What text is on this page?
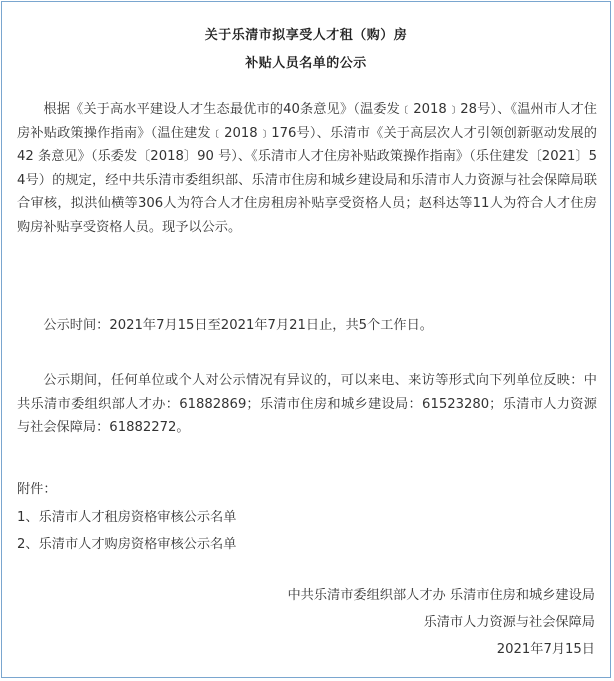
关于乐清市拟享受人才租（购）房
补贴人员名单的公示

根据《关于高水平建设人才生态最优市的40条意见》（温委发﹝2018﹞28号）、《温州市人才住房补贴政策操作指南》（温住建发﹝2018﹞176号）、乐清市《关于高层次人才引领创新驱动发展的42 条意见》（乐委发〔2018〕90 号）、《乐清市人才住房补贴政策操作指南》（乐住建发〔2021〕54号）的规定，经中共乐清市委组织部、乐清市住房和城乡建设局和乐清市人力资源与社会保障局联合审核，拟洪仙横等306人为符合人才住房租房补贴享受资格人员；赵科达等11人为符合人才住房购房补贴享受资格人员。现予以公示。

公示时间：2021年7月15日至2021年7月21日止，共5个工作日。

公示期间，任何单位或个人对公示情况有异议的，可以来电、来访等形式向下列单位反映：中共乐清市委组织部人才办：61882869；乐清市住房和城乡建设局：61523280；乐清市人力资源与社会保障局：61882272。

附件：

1、乐清市人才租房资格审核公示名单

2、乐清市人才购房资格审核公示名单

中共乐清市委组织部人才办 乐清市住房和城乡建设局

乐清市人力资源与社会保障局

2021年7月15日
